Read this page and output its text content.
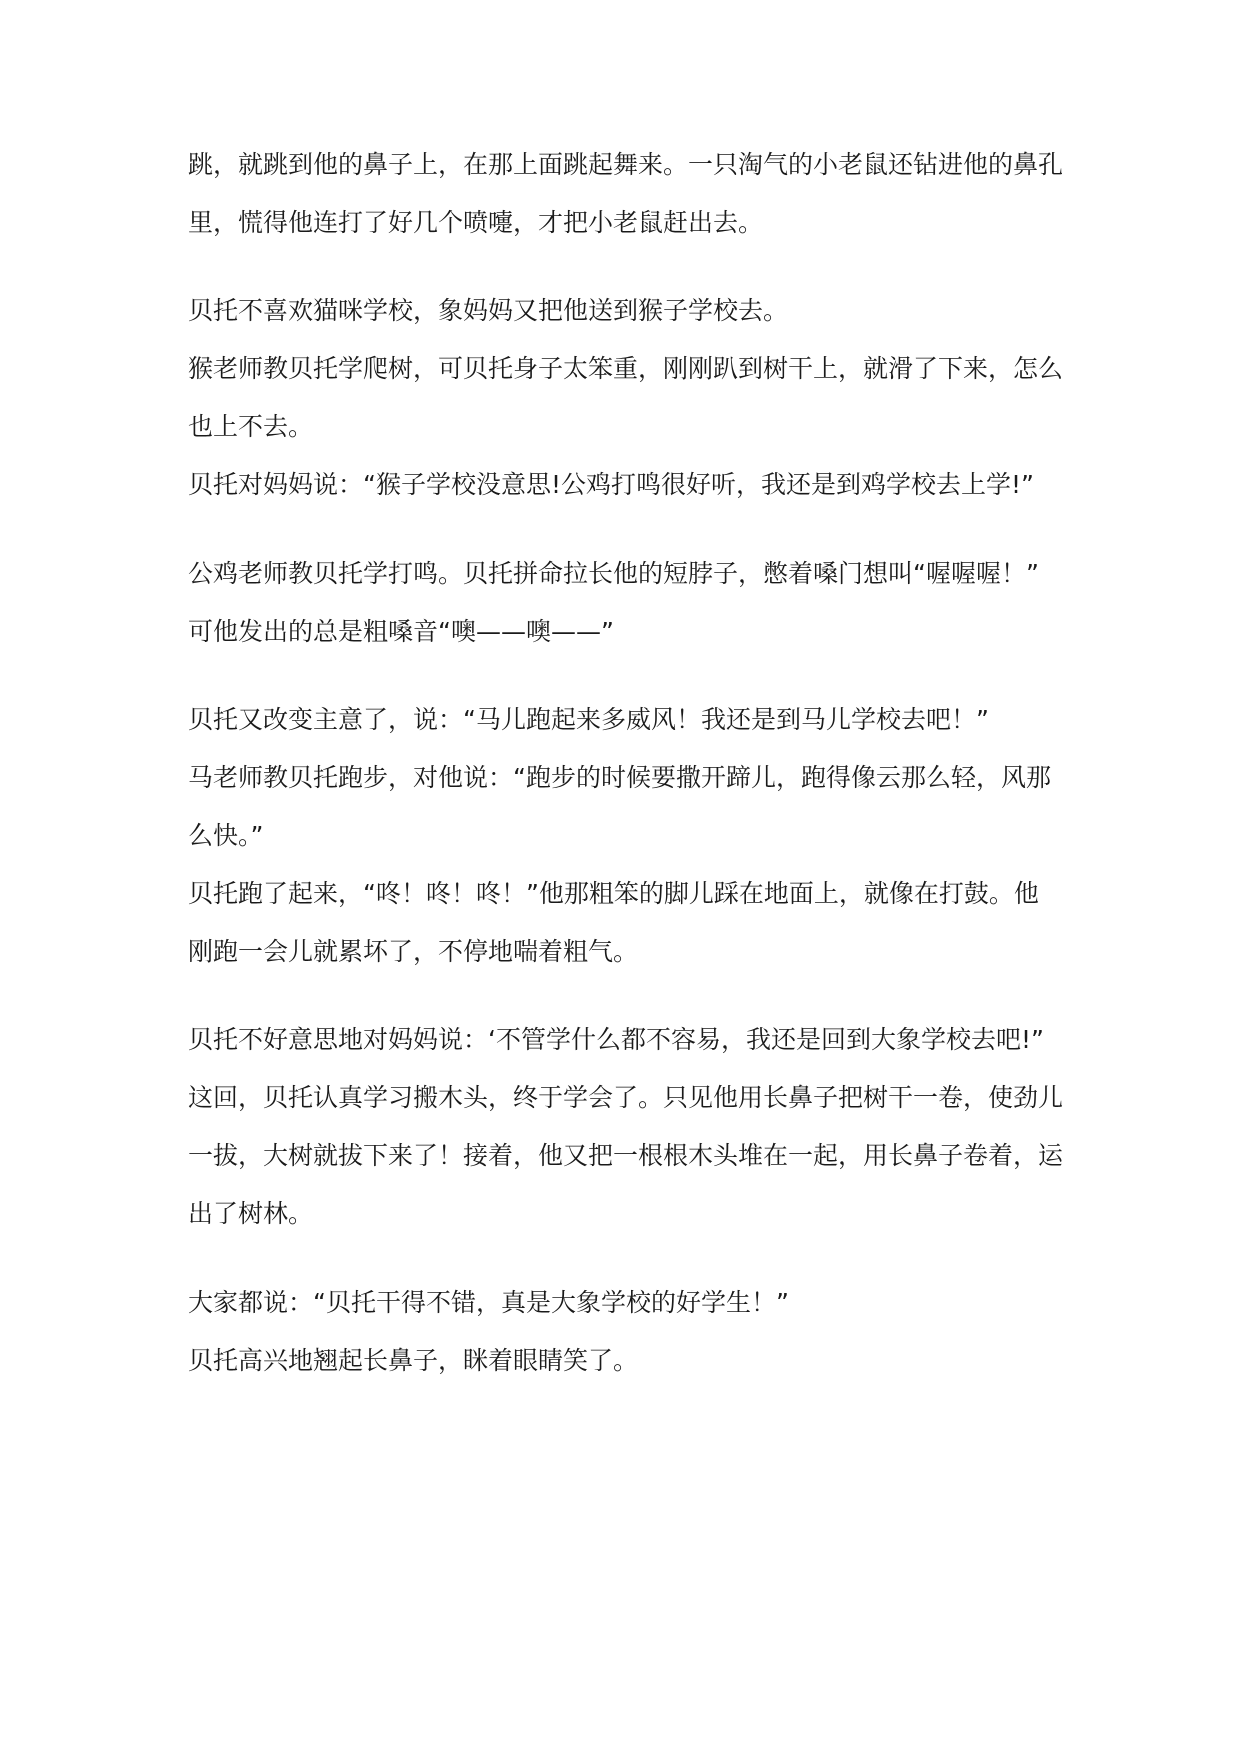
跳，就跳到他的鼻子上，在那上面跳起舞来。一只淘气的小老鼠还钻进他的鼻孔
里，慌得他连打了好几个喷嚏，才把小老鼠赶出去。
贝托不喜欢猫咪学校，象妈妈又把他送到猴子学校去。
猴老师教贝托学爬树，可贝托身子太笨重，刚刚趴到树干上，就滑了下来，怎么
也上不去。
贝托对妈妈说：“猴子学校没意思!公鸡打鸣很好听，我还是到鸡学校去上学!”
公鸡老师教贝托学打鸣。贝托拼命拉长他的短脖子，憋着嗓门想叫“喔喔喔！”
可他发出的总是粗嗓音“噢——噢——”
贝托又改变主意了，说：“马儿跑起来多威风！我还是到马儿学校去吧！”
马老师教贝托跑步，对他说：“跑步的时候要撒开蹄儿，跑得像云那么轻，风那
么快。”
贝托跑了起来，“咚！咚！咚！”他那粗笨的脚儿踩在地面上，就像在打鼓。他
刚跑一会儿就累坏了，不停地喘着粗气。
贝托不好意思地对妈妈说：‘不管学什么都不容易，我还是回到大象学校去吧!”
这回，贝托认真学习搬木头，终于学会了。只见他用长鼻子把树干一卷，使劲儿
一拔，大树就拔下来了！接着，他又把一根根木头堆在一起，用长鼻子卷着，运
出了树林。
大家都说：“贝托干得不错，真是大象学校的好学生！”
贝托高兴地翘起长鼻子，眯着眼睛笑了。
